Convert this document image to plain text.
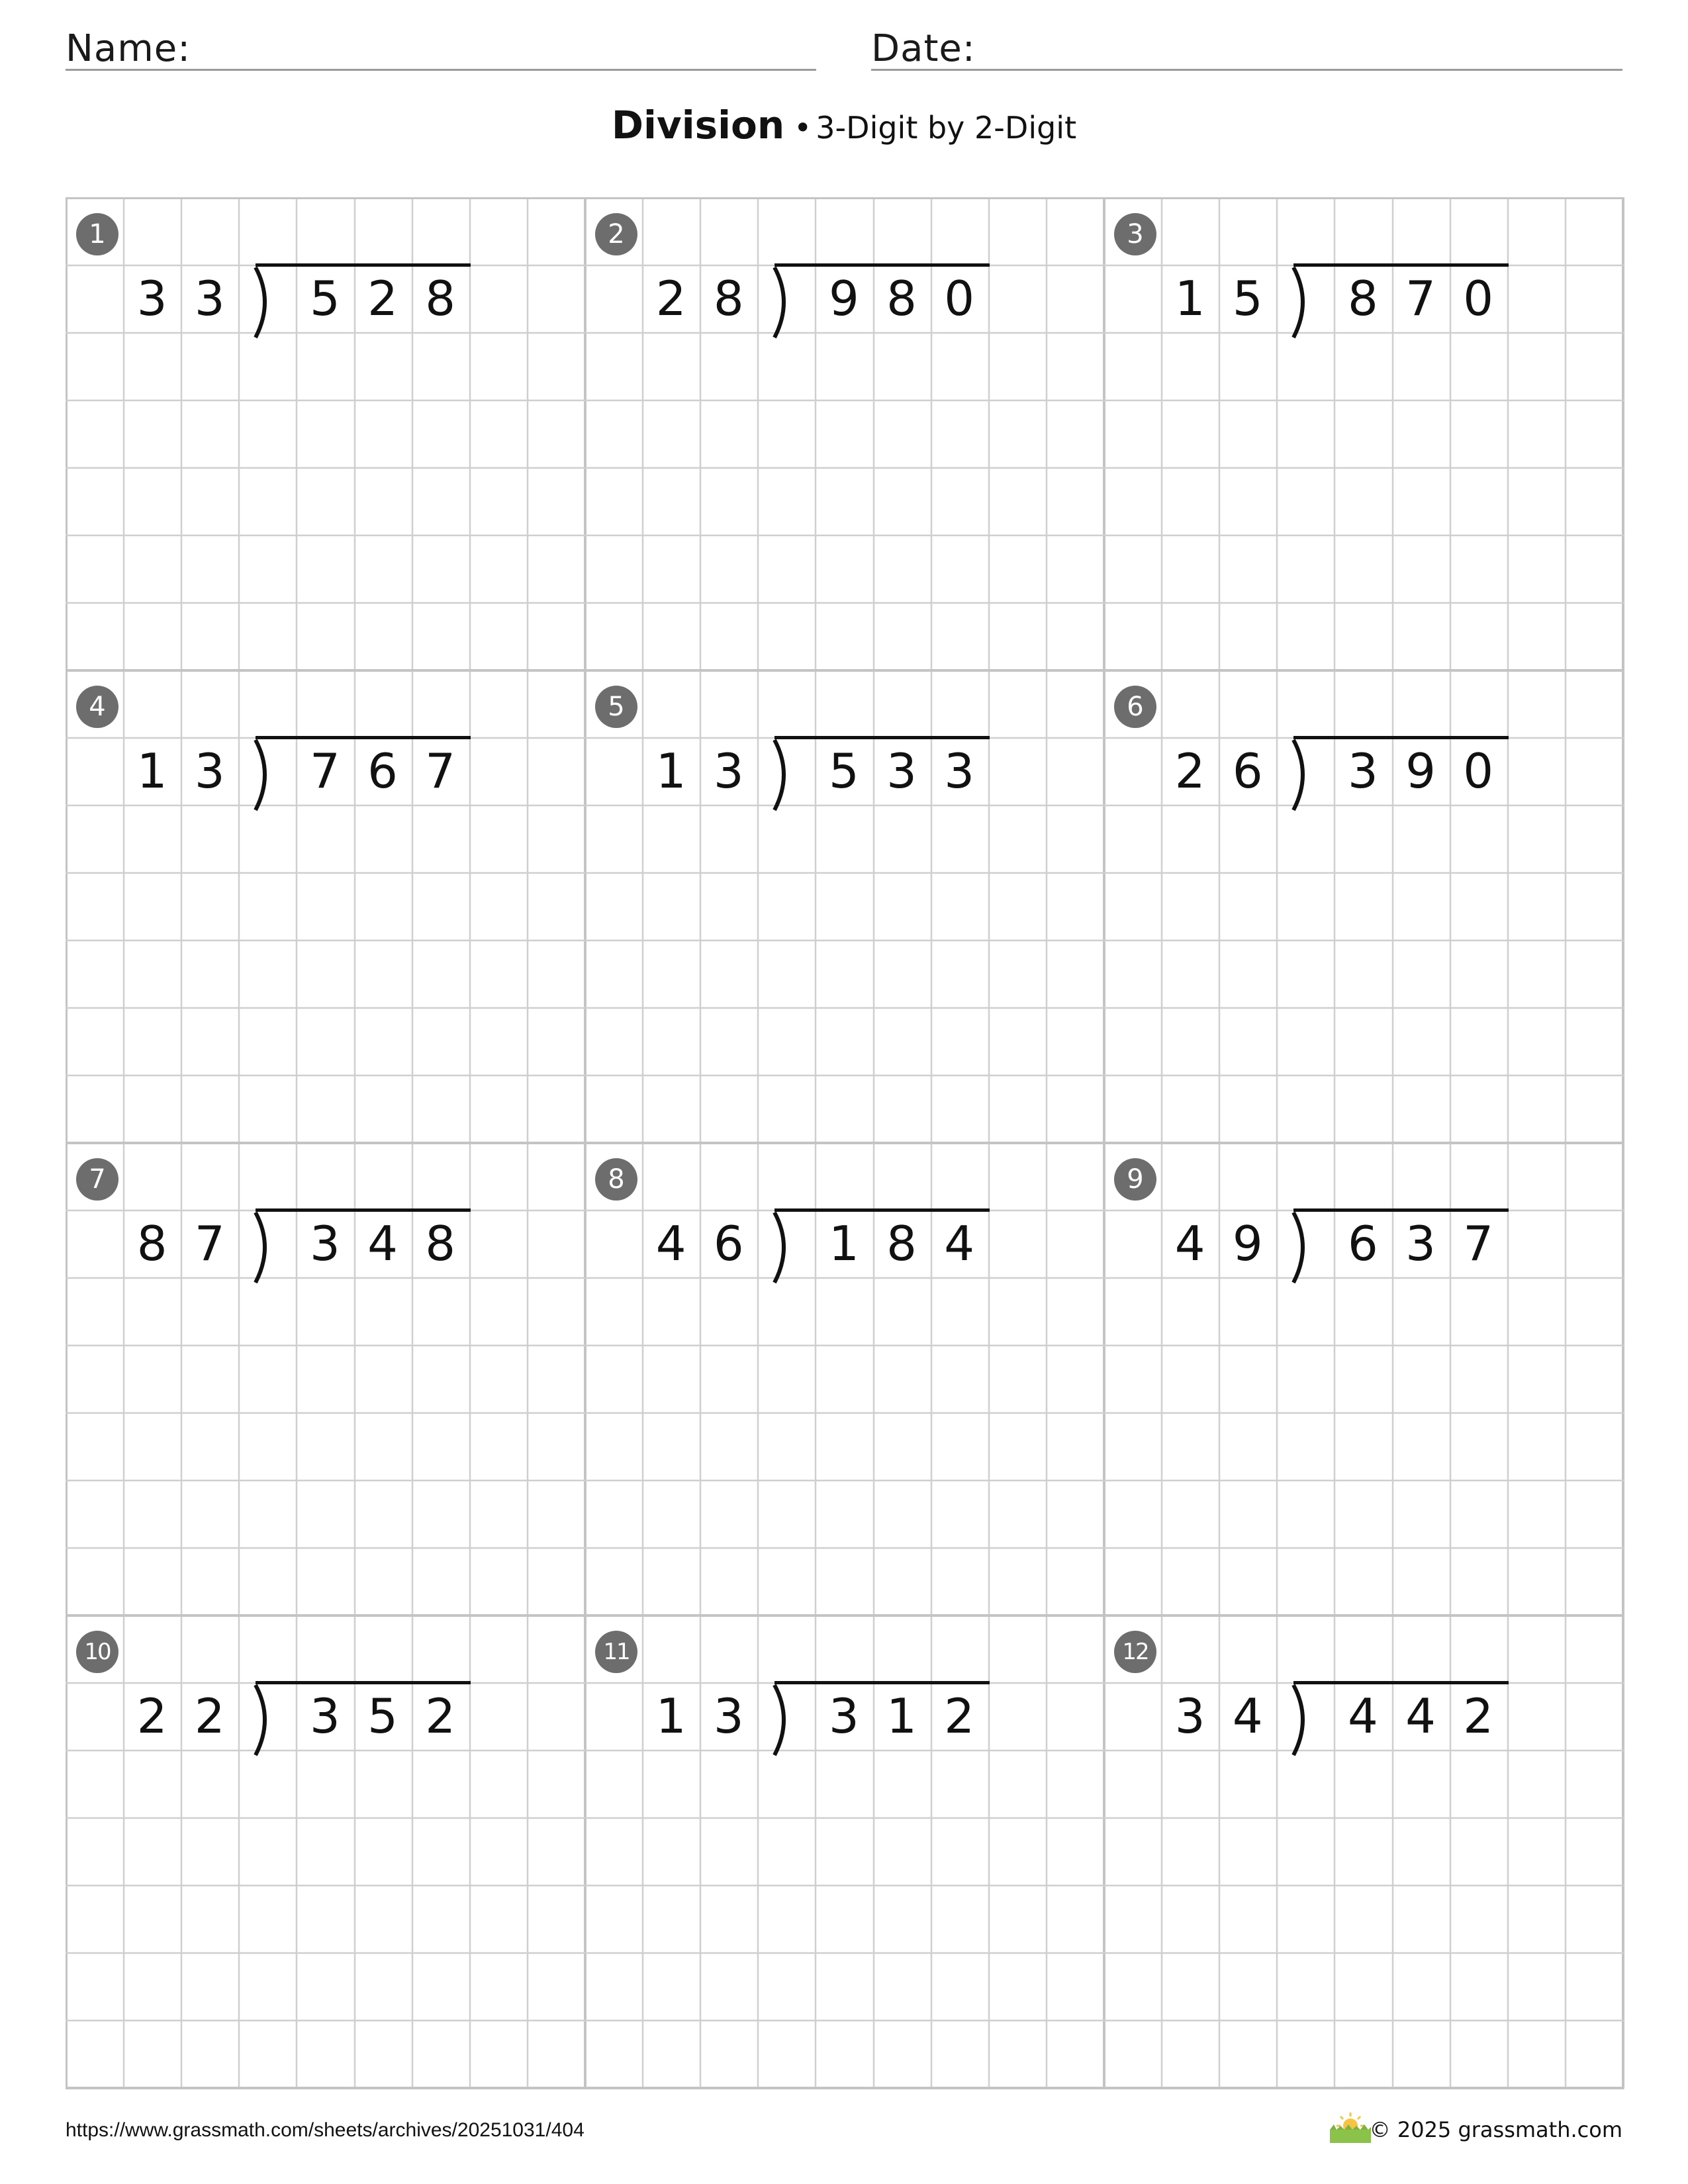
Name:	Date:
Division • 3-Digit by 2-Digit
1
3 3 5 2 8
2
2 8 9 8 0
3
1 5 8 7 0
4
1 3 7 6 7
5
1 3 5 3 3
6
2 6 3 9 0
7
8 7 3 4 8
8
4 6 1 8 4
9
4 9 6 3 7
10
2 2 3 5 2
11
1 3 3 1 2
12
3 4 4 4 2
https://www.grassmath.com/sheets/archives/20251031/404	© 2025 grassmath.com
